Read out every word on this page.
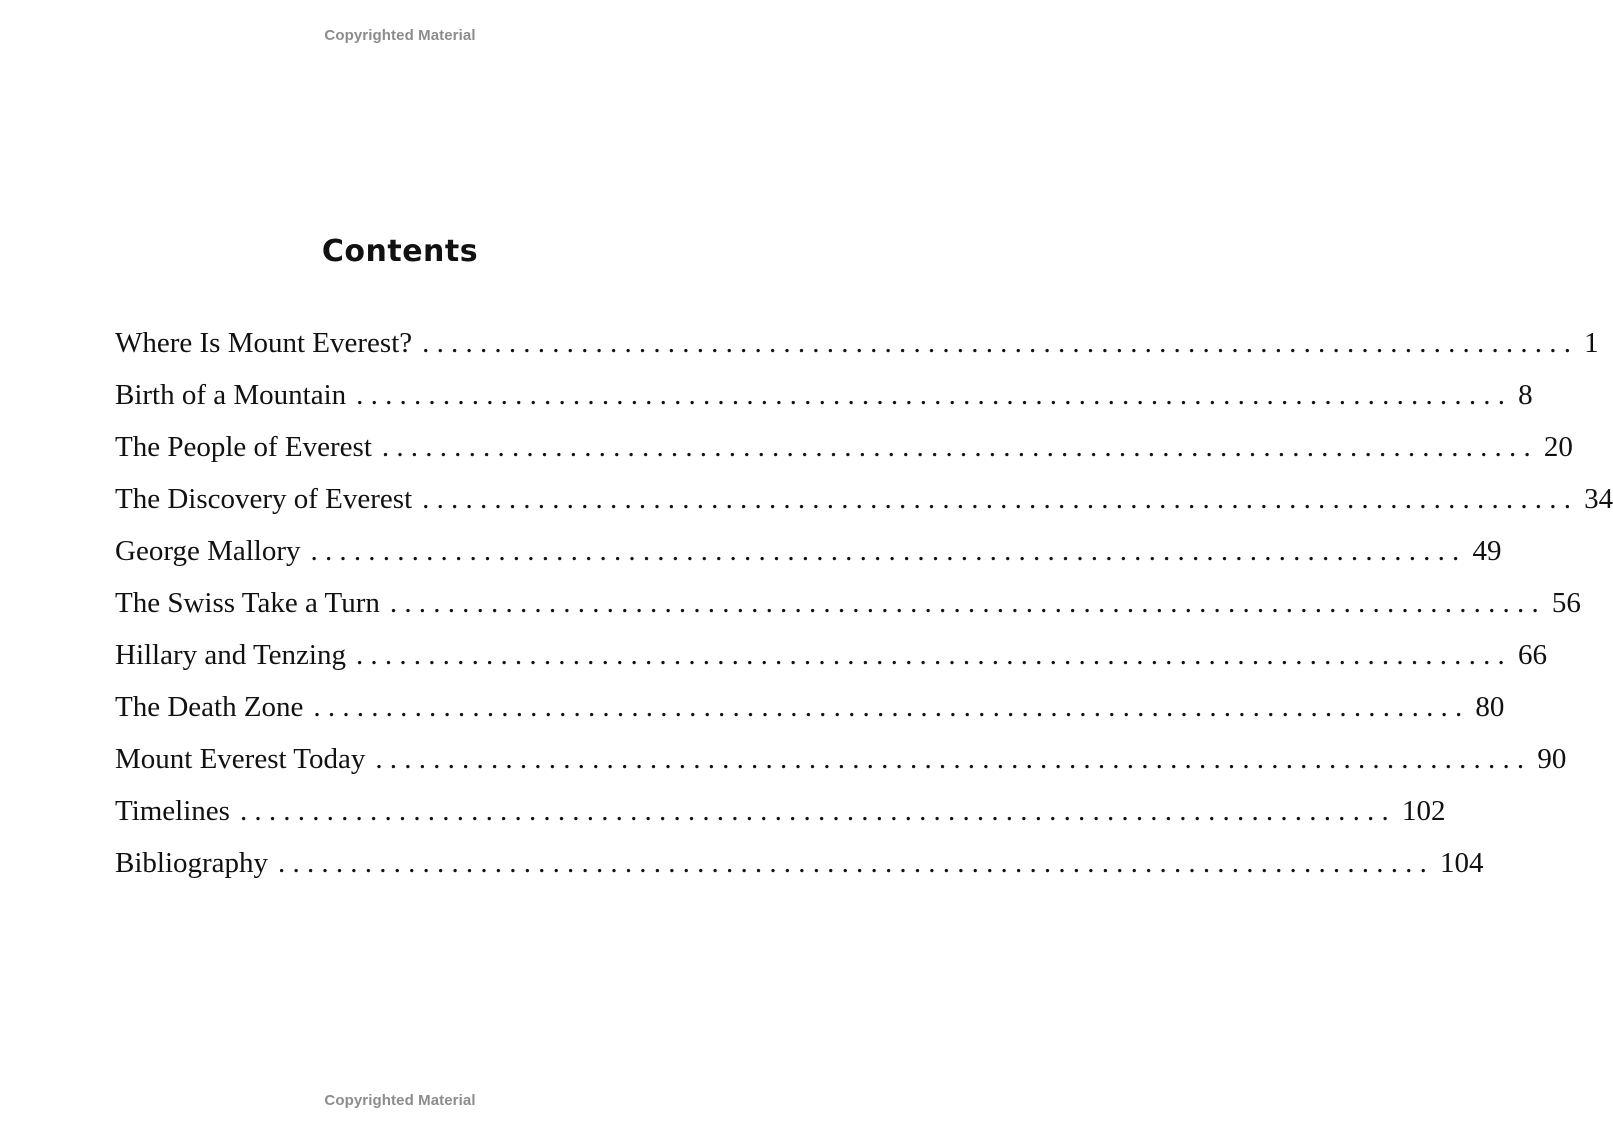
Copyrighted Material
Contents
Where Is Mount Everest? ................................................................................ 1
Birth of a Mountain ................................................................................ 8
The People of Everest ................................................................................ 20
The Discovery of Everest ................................................................................ 34
George Mallory ................................................................................ 49
The Swiss Take a Turn ................................................................................ 56
Hillary and Tenzing ................................................................................ 66
The Death Zone ................................................................................ 80
Mount Everest Today ................................................................................ 90
Timelines ................................................................................ 102
Bibliography ................................................................................ 104
Copyrighted Material
